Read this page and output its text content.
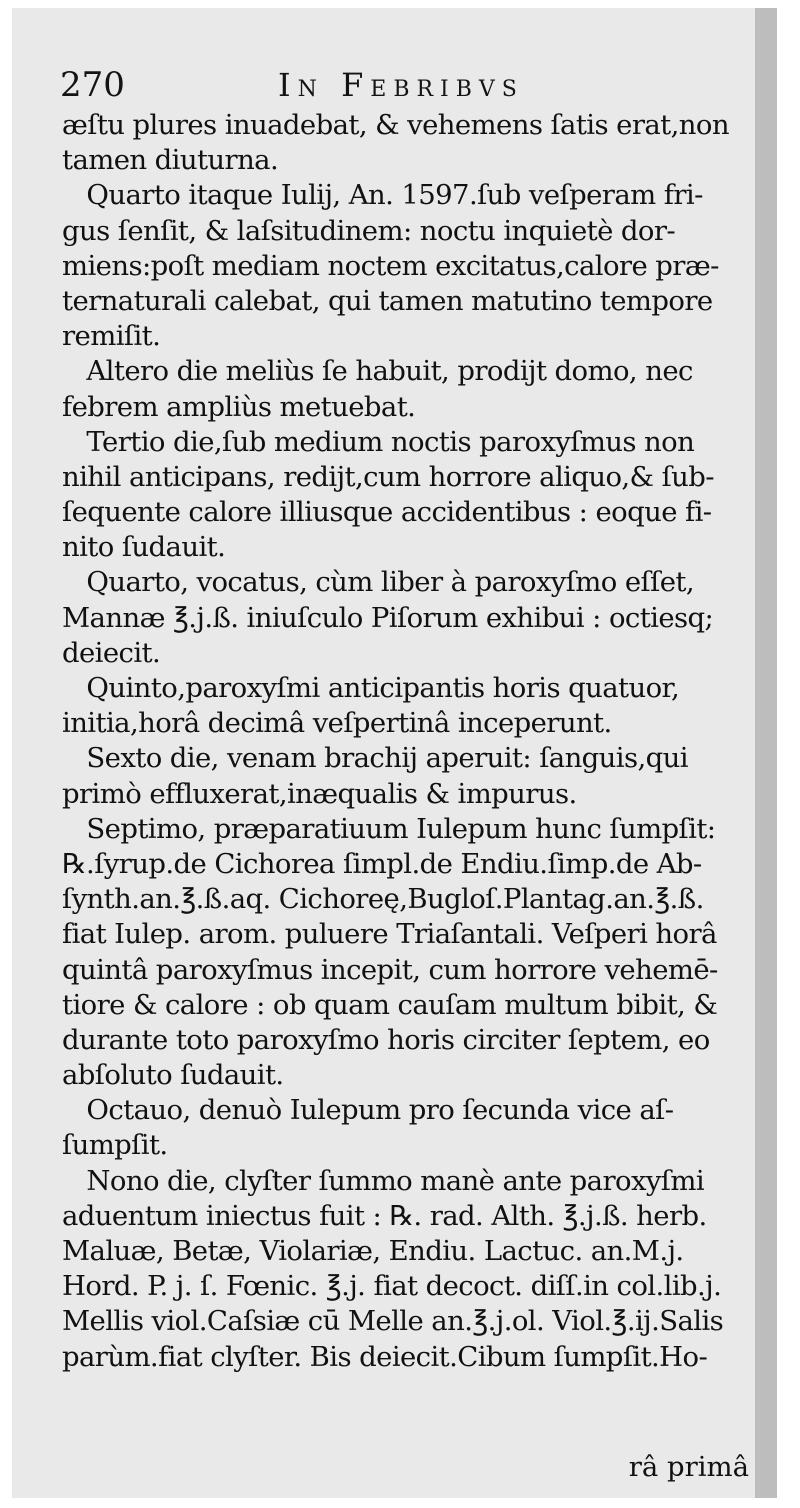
270	In Febribvs
æſtu plures inuadebat, & vehemens ſatis erat,non
tamen diuturna.
Quarto itaque Iulij, An. 1597.ſub veſperam fri-
gus ſenſit, & laſsitudinem: noctu inquietè dor-
miens:poſt mediam noctem excitatus,calore præ-
ternaturali calebat, qui tamen matutino tempore
remiſit.
Altero die meliùs ſe habuit, prodijt domo, nec
febrem ampliùs metuebat.
Tertio die,ſub medium noctis paroxyſmus non
nihil anticipans, redijt,cum horrore aliquo,& ſub-
ſequente calore illiusque accidentibus : eoque fi-
nito ſudauit.
Quarto, vocatus, cùm liber à paroxyſmo eſſet,
Mannæ ℥.j.ß. iniuſculo Piſorum exhibui : octiesq;
deiecit.
Quinto,paroxyſmi anticipantis horis quatuor,
initia,horâ decimâ veſpertinâ inceperunt.
Sexto die, venam brachij aperuit: ſanguis,qui
primò effluxerat,inæqualis & impurus.
Septimo, præparatiuum Iulepum hunc ſumpſit:
℞.ſyrup.de Cichorea ſimpl.de Endiu.ſimp.de Ab-
ſynth.an.℥.ß.aq. Cichoreę,Bugloſ.Plantag.an.℥.ß.
fiat Iulep. arom. puluere Triaſantali. Veſperi horâ
quintâ paroxyſmus incepit, cum horrore vehemē-
tiore & calore : ob quam cauſam multum bibit, &
durante toto paroxyſmo horis circiter ſeptem, eo
abſoluto ſudauit.
Octauo, denuò Iulepum pro ſecunda vice aſ-
ſumpſit.
Nono die, clyſter ſummo manè ante paroxyſmi
aduentum iniectus fuit : ℞. rad. Alth. ℥.j.ß. herb.
Maluæ, Betæ, Violariæ, Endiu. Lactuc. an.M.j.
Hord. P. j. ſ. Fœnic. ℥.j. fiat decoct. diſſ.in col.lib.j.
Mellis viol.Caſsiæ cū Melle an.℥.j.ol. Viol.℥.ij.Salis
parùm.fiat clyſter. Bis deiecit.Cibum ſumpſit.Ho-
râ primâ
